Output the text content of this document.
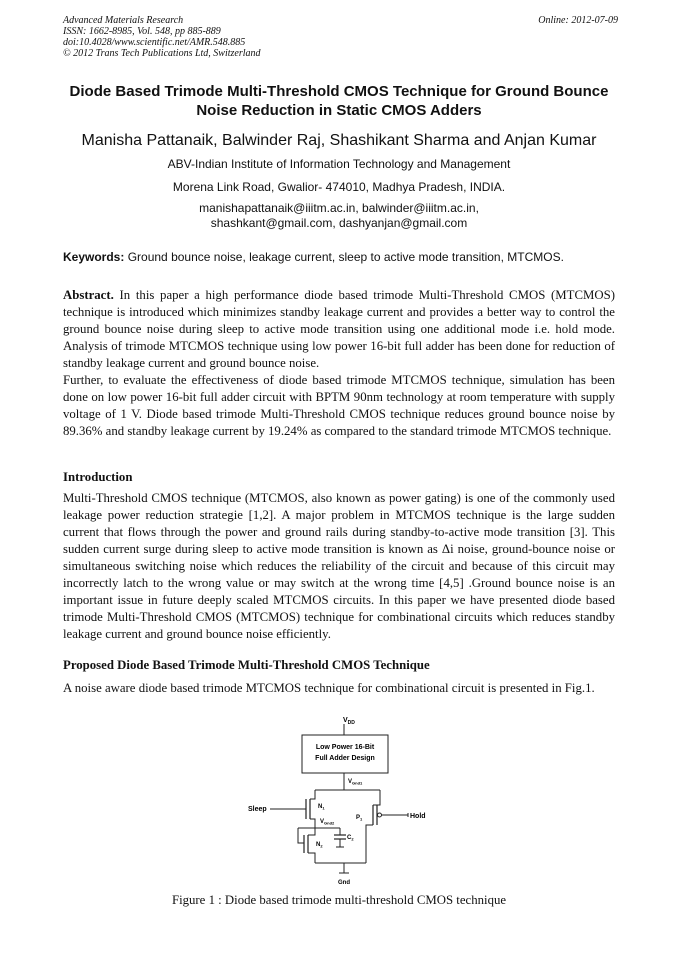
Advanced Materials Research
ISSN: 1662-8985, Vol. 548, pp 885-889
doi:10.4028/www.scientific.net/AMR.548.885
© 2012 Trans Tech Publications Ltd, Switzerland
Online: 2012-07-09
Diode Based Trimode Multi-Threshold CMOS Technique for Ground Bounce Noise Reduction in Static CMOS Adders
Manisha Pattanaik, Balwinder Raj, Shashikant Sharma and Anjan Kumar
ABV-Indian Institute of Information Technology and Management
Morena Link Road, Gwalior- 474010, Madhya Pradesh, INDIA.
manishapattanaik@iiitm.ac.in, balwinder@iiitm.ac.in, shashkant@gmail.com, dashyanjan@gmail.com
Keywords: Ground bounce noise, leakage current, sleep to active mode transition, MTCMOS.

Abstract. In this paper a high performance diode based trimode Multi-Threshold CMOS (MTCMOS) technique is introduced which minimizes standby leakage current and provides a better way to control the ground bounce noise during sleep to active mode transition using one additional mode i.e. hold mode. Analysis of trimode MTCMOS technique using low power 16-bit full adder has been done for reduction of standby leakage current and ground bounce noise.

Further, to evaluate the effectiveness of diode based trimode MTCMOS technique, simulation has been done on low power 16-bit full adder circuit with BPTM 90nm technology at room temperature with supply voltage of 1 V. Diode based trimode Multi-Threshold CMOS technique reduces ground bounce noise by 89.36% and standby leakage current by 19.24% as compared to the standard trimode MTCMOS technique.

Introduction

Multi-Threshold CMOS technique (MTCMOS, also known as power gating) is one of the commonly used leakage power reduction strategie [1,2]. A major problem in MTCMOS technique is the large sudden current that flows through the power and ground rails during standby-to-active mode transition [3]. This sudden current surge during sleep to active mode transition is known as Δi noise, ground-bounce noise or simultaneous switching noise which reduces the reliability of the circuit and because of this circuit may incorrectly latch to the wrong value or may switch at the wrong time [4,5] .Ground bounce noise is an important issue in future deeply scaled MTCMOS circuits. In this paper we have presented diode based trimode Multi-Threshold CMOS (MTCMOS) technique for combinational circuits which reduces standby leakage current and ground bounce noise efficiently.

Proposed Diode Based Trimode Multi-Threshold CMOS Technique

A noise aware diode based trimode MTCMOS technique for combinational circuit is presented in Fig.1.

$V_{DD}$
Low Power 16-Bit
Full Adder Design
$V_{Gnd1}$
Sleep	$N_1$
$V_{Gnd2}$
$N_2$
$C_2$
$P_1$	Hold
Gnd
Figure 1 : Diode based trimode multi-threshold CMOS technique
